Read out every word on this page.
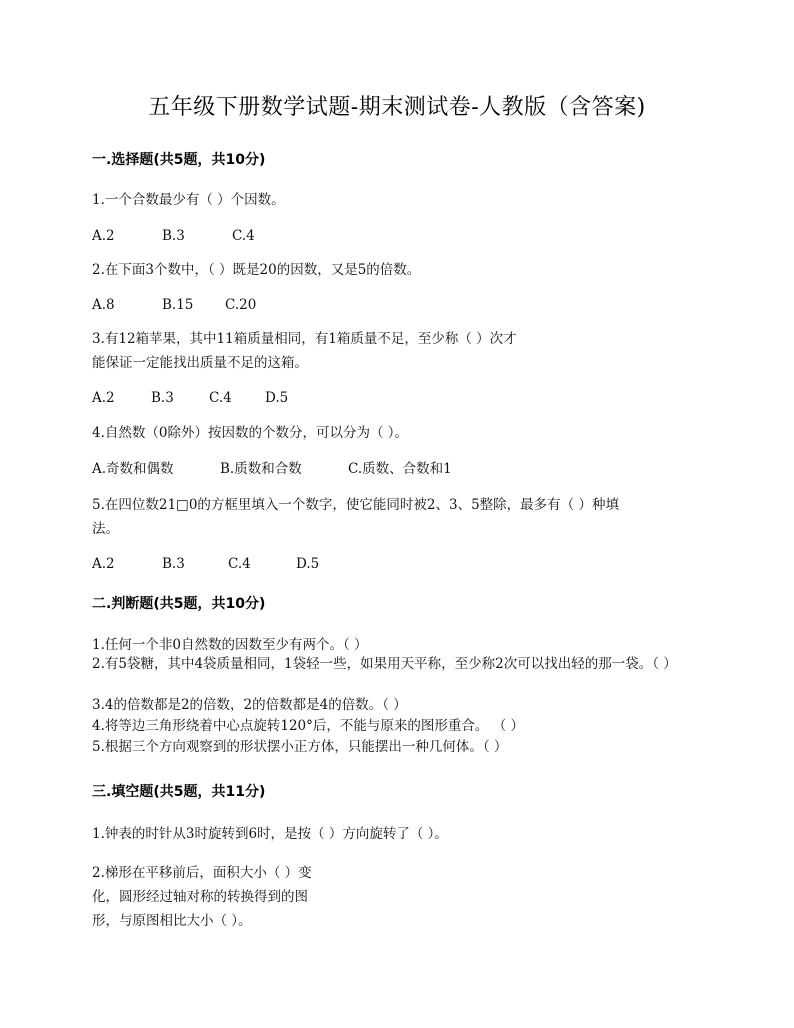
五年级下册数学试题-期末测试卷-人教版（含答案)
一.选择题(共5题，共10分)
1.一个合数最少有（ ）个因数。
A.2	B.3	C.4
2.在下面3个数中，（ ）既是20的因数，又是5的倍数。
A.8	B.15 C.20
3.有12箱苹果，其中11箱质量相同，有1箱质量不足，至少称（ ）次才能保证一定能找出质量不足的这箱。
A.2	B.3	C.4 D.5
4.自然数（0除外）按因数的个数分，可以分为（ ）。
A.奇数和偶数	B.质数和合数	C.质数、合数和1
5.在四位数21□0的方框里填入一个数字，使它能同时被2、3、5整除，最多有（ ）种填法。
A.2	B.3	C.4	D.5
二.判断题(共5题，共10分)
1.任何一个非0自然数的因数至少有两个。（ ）
2.有5袋糖，其中4袋质量相同，1袋轻一些，如果用天平称，至少称2次可以找出轻的那一袋。（ ）
3.4的倍数都是2的倍数，2的倍数都是4的倍数。（ ）
4.将等边三角形绕着中心点旋转120°后，不能与原来的图形重合。 （ ）
5.根据三个方向观察到的形状摆小正方体，只能摆出一种几何体。（ ）
三.填空题(共5题，共11分)
1.钟表的时针从3时旋转到6时，是按（ ）方向旋转了（ ）。
2.梯形在平移前后，面积大小（ ）变化，圆形经过轴对称的转换得到的图形，与原图相比大小（ ）。
